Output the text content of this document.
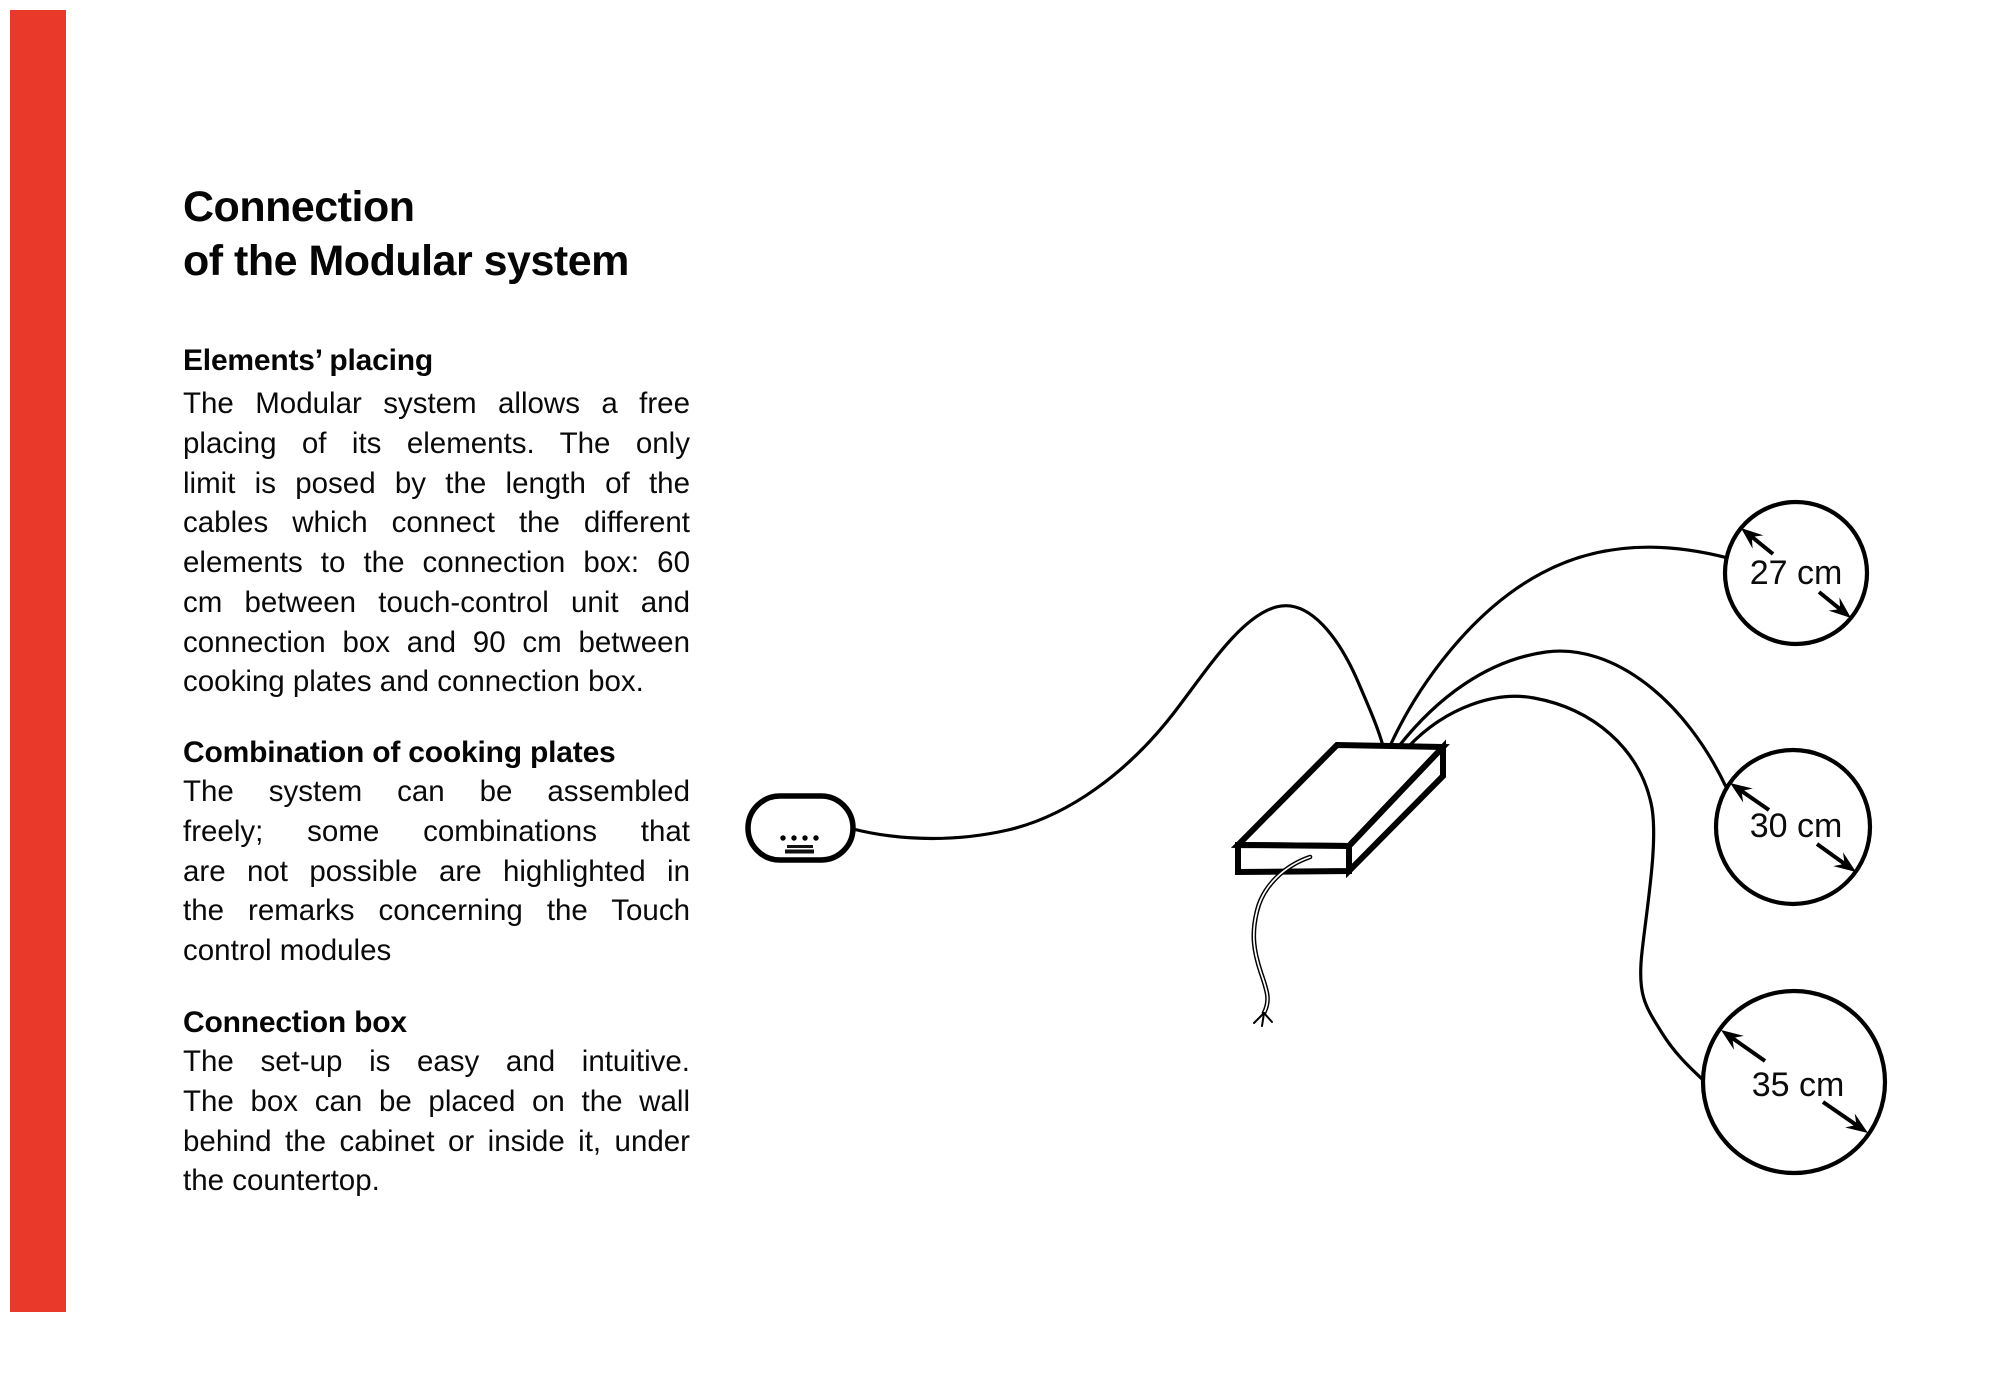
Connection
of the Modular system
Elements’ placing
The Modular system allows a free
placing of its elements. The only
limit is posed by the length of the
cables which connect the different
elements to the connection box: 60
cm between touch-control unit and
connection box and 90 cm between
cooking plates and connection box.
Combination of cooking plates
The system can be assembled
freely; some combinations that
are not possible are highlighted in
the remarks concerning the Touch
control modules
Connection box
The set-up is easy and intuitive.
The box can be placed on the wall
behind the cabinet or inside it, under
the countertop.
27 cm
30 cm
35 cm
